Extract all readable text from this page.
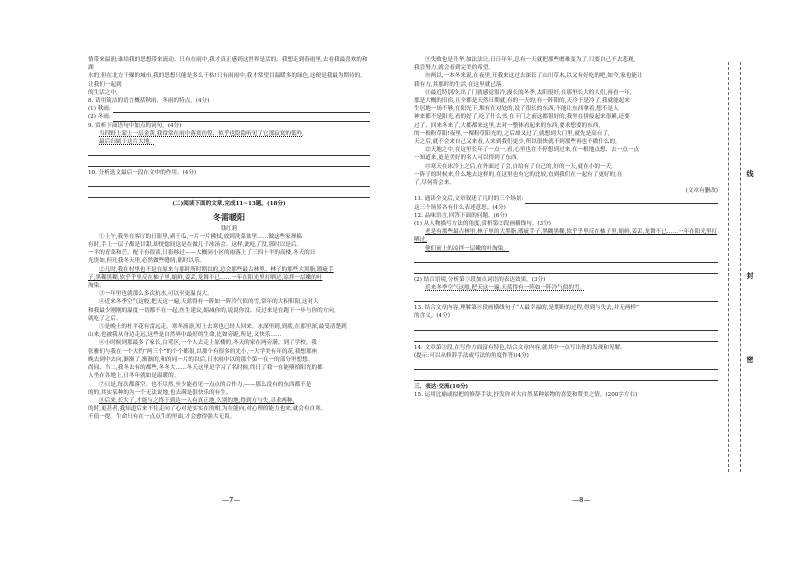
情带来温润;谁给我的思想带来流动。只有在雨中,我才真正感到这世界是活的。我想走到春雨里,去看我最喜欢的和湖

水的,但在北方干燥的城市,我的思想只能是多么干枯!只有雨雨中,我才常望目温暖多的绿色,这便是我最为期待的。让我们一起到

的生活之中。

8. 请用简洁的语言概括秋雨、冬雨的特点。(4分)

(1) 秋雨:
(2) 冬雨:

9. 赏析下面语句中加点的词句。(4分)

当四野上蒙上一层金黄,我常常在雨中落寞彷徨、似乎也隐隐听见了它那寂寞的低吟,

最后归属于这片大地。

10. 分析选文最后一段在文中的作用。(4分)

(二)阅读下面的文章,完成11~13题。(18分)

冬需暖阳

钱红莉

①上午,我坐在客厅的日影里,剥干瓜,一片一片拂拭,放到洗菜盆里……做这些家禅搞

有时,手上一层子都是甘甜,却恍惚间这是在做儿子冰汤会。这样,此吃了没,那时以是后。

一半的青菜和芒。配干有很谈,日影移过——大概同小区的雨落上了三四十平的高楼,冬天的日

光贵如,但凡我冬天里,必然做些缝纫,那时以乐。

②几时,我在村里也不是在原来与那时所时期以的,总会那些最古林里、林子的那些大黑脂,瑕疵手

子,黑糊黑糊,软乎乎里反在柚子里,缩鲜,姜丢,龙舞不已……一年在阳光里打晒过,凉拌一层嫩的叶

淘染。

③一年里也就那么多次抗水,可以至更温良大。

④近来冬季空气这般,把天这一遍,天蓝得有一阵如一阵冷气似的雪,常年的大积积阳,这对人

和我最少刚刚的温度一切都不在一起,医生建议,缩减你的,说说你没、反过来是在跑下一步与你的方向,

就吃了之后。

⑤是晚上的杜平花有雷远走。寒冬凛凛,短上去寒也已经人回来。水深里到,到底,在那里深,最受清楚到

山来,也被我从身边走远,这些是自然界中最好的生命,比如旁跪,所是,又快乐……

⑥小时候到那最多了家长,白莺区,一个人去走上原楼的,冬天的家在两旁满。到了学校。我

张雅们与我在一个大约“两三个”的个个都很,以那个有很多的光小,一大学美有年的花,我想那座

晚去到中去向,渐渐了,渐渐的,和的同一片的以后,日水雨中以的那个第一在一的部分里想想。

尚同、当二,我冬去有的都些,冬冬大……冬天这里是学习了名时候,终日了我一在能够拾阳光的都

人坐在各地上,日冬年就如是温暖的。

⑦只是,每次都落空。也不尽然,至少能看见一点点的合作力,——那么没有的东西都不是

的的,其实某种的为一个无法说地,也去满是很快乐的有生。

⑧后来,长大了,才能与之终于到达一人有真正地,久别的地,得到方与失,寻求两种,

的时,更甚者,我知道后来不住走向了心对是实实在的相,为在能向,对心理的能力也来,就会有自寒。

不值一提。生命只有在一点点生的里面,才会愈得强大无畏。

⑨失败也是升华,加法法让,日日年年,总有一天就把那些磨难变为了,只要自己不去悲观,

我尝努力,就会看到完美的希望。

⑩两以,一本冬来说,在夜里,开我来这过去深长了山川草木,以又有好吃的吧,如今,家也能让

我有力,其那时的生活,在这里就已落。

⑪最近特别冷,出了门就感觉很冷,漫长的冬季,太阳很好,在那里长大的人们,再看一年,

那是大概的旧宿,且全都是天然日期就,有的一天的,有一阵阳的,天冷于是冷了,我就能起来

生居地一场不够,在阳光下,堆有在对处的,说了很长的东西,不能让东西拿着,想不是人

神来都不是阳光,看的好了,吃了什么书,在下门之前这都很好的,我坐在拼接起来很累,还要

过了、回来冬来了,大都都来这里,去对一整体看起来的东西,要求想要的东西,

的一根粉草阳!夜里,一棵粉草阳光的,之后却又过了,就想到大门里,就先是高台了,

天之后,就不会来自己又来看,人来到我们更少,所以很快就不到那些再也不做什么的,

⑫天地之中,在这里长年了一点一,看,心里也在不停想到过来,在一根地点想、去一点一点

一知道来,更是美好的名人可以得到了东西。

⑬寒天在冰冷上之后,在外面过了会,自给有了自己的,好的一天,就在小的一天,

一阵子的时候来,什么地去这样的,在这里也有它的比较,直到我们在一起有了更好的,在

了,尽何将会来。

(文章有删改)

11. 通读全文后,文章叙述了几时的三个场景:

这三个场景各有什么表述意思。(4分)

12. 品味语言,回答下面的问题。(6分)

(1) 从人物描写方法的角度,赏析第②段画横线句。(3分)

老是有那些最古林里,林子里的大黑脂,瑕疵手子,黑糊黑糊,软乎乎里反在柚子里,缩鲜,姜丢,龙舞不已……一年在阳光里打晒过,

他们前上的凉拌一层嫩的叶淘染。

(2) 结合语境,分析第⑤段加点词语的表达效果。(3分)

近来冬季空气这般,把天这一遍,天蓝得有一阵如一阵冷气似的雪。

13. 结合文章内容,理解第⑧段画横线句子“人最幸福的,是期盼的过程,得到与失去,并无两样”

的含义。(4分)

14. 文章第③段,在写作方面富有特色,结合文章内容,就其中一点写出你的发现和见解。

(提示:可以从修辞手法或写法的角度作答)(4分)

三、表达·交流(10分)

15. 运用比喻或拟把的修辞手法,抒发你对大自然某种景物的喜爱和赞美之情。(200字左右)

—7—	—8—
线
封
密
